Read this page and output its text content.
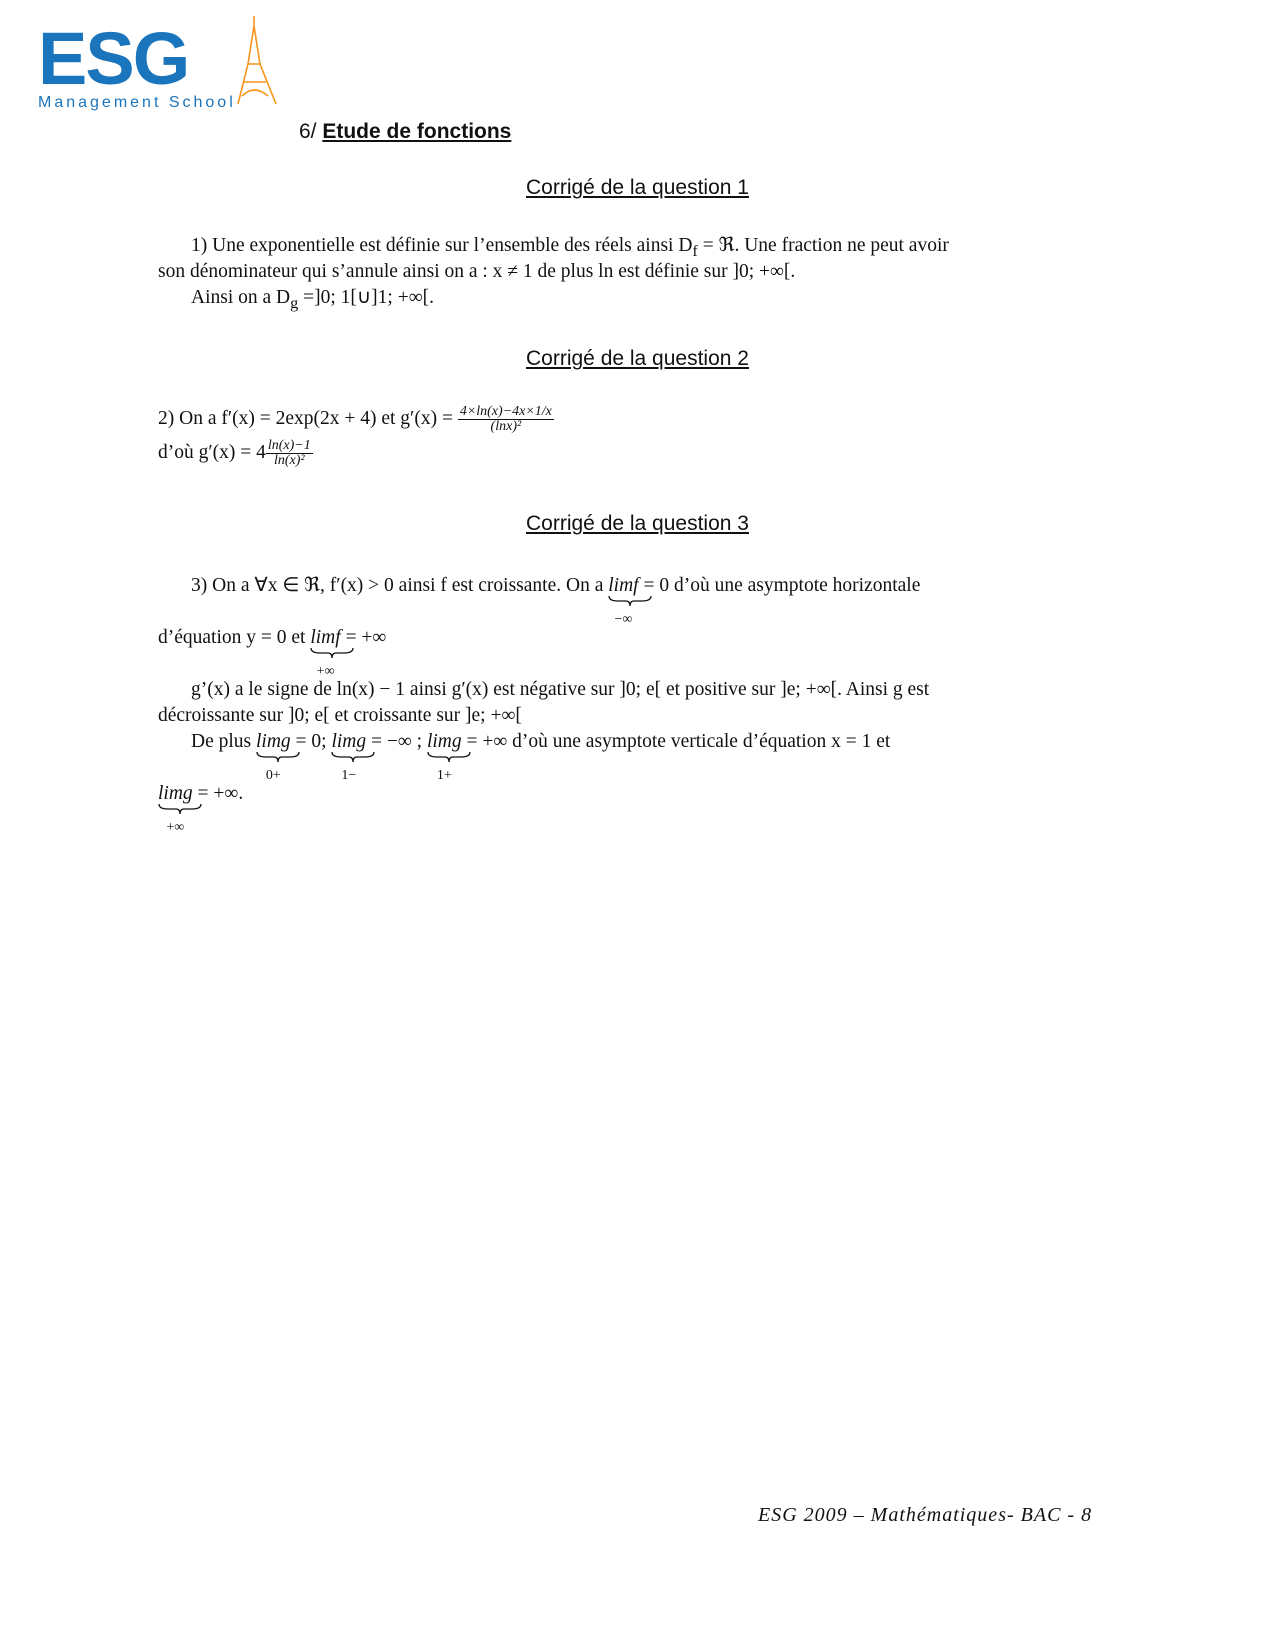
ESG
Management School
6/ Etude de fonctions
Corrigé de la question 1
1) Une exponentielle est définie sur l’ensemble des réels ainsi $D_f$ = ℜ. Une fraction ne peut avoir
son dénominateur qui s’annule ainsi on a : x ≠ 1 de plus ln est définie sur ]0; +∞[.
Ainsi on a $D_g =]0$; 1[∪]1; +∞[.
Corrigé de la question 2
2) On a f′(x) = 2exp(2x + 4) et $g'(x) = \frac{4\times\ln(x)-4x\times 1/x}{\text{(lnx)²}}$
d’où $g'(x) = 4 \frac{\ln(x)-1}{\text{ln(x)²}}$
Corrigé de la question 3
3) On a ∀x ∈ ℜ, f′(x) > 0 ainsi f est croissante. On a limf
−∞
= 0 d’où une asymptote horizontale
d’équation y = 0 et limf
+∞
= +∞
g’(x) a le signe de ln(x) − 1 ainsi g′(x) est négative sur ]0; e[ et positive sur ]e; +∞[. Ainsi g est
décroissante sur ]0; e[ et croissante sur ]e; +∞[
De plus limg
0+
= 0; limg
1−
= −∞ ; limg
1+
= +∞ d’où une asymptote verticale d’équation x = 1 et
limg
+∞
= +∞.
ESG 2009 – Mathématiques- BAC - 8
